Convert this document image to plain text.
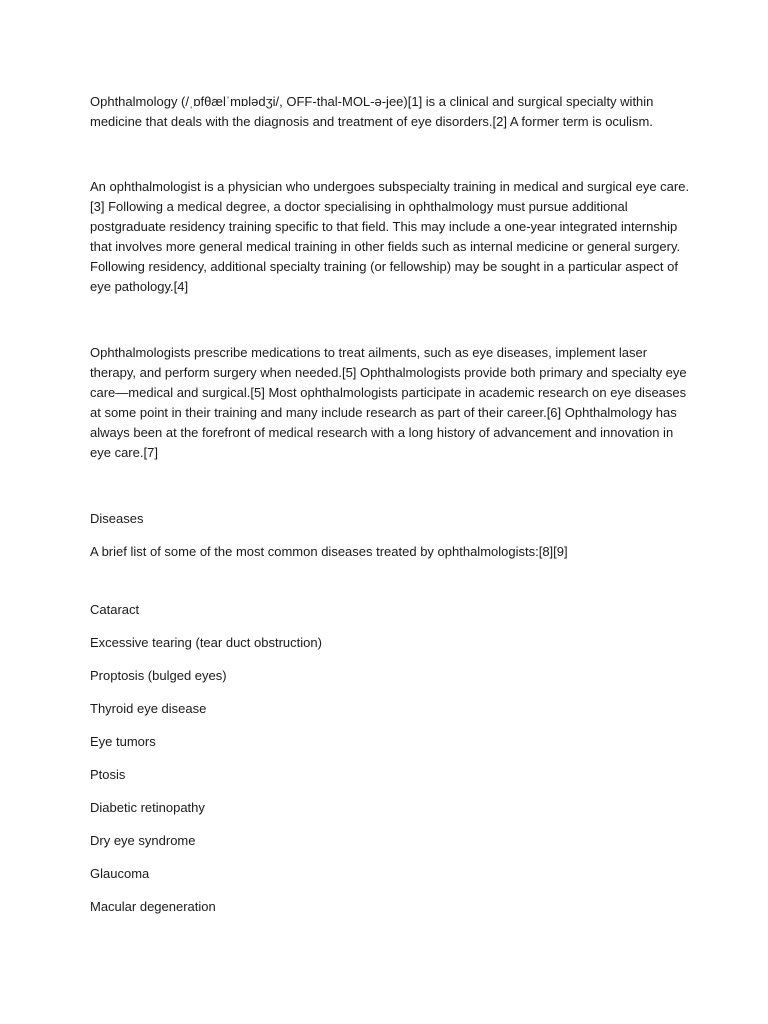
Ophthalmology (/ˌɒfθælˈmɒlədʒi/, OFF-thal-MOL-ə-jee)[1] is a clinical and surgical specialty within medicine that deals with the diagnosis and treatment of eye disorders.[2] A former term is oculism.

An ophthalmologist is a physician who undergoes subspecialty training in medical and surgical eye care.[3] Following a medical degree, a doctor specialising in ophthalmology must pursue additional postgraduate residency training specific to that field. This may include a one-year integrated internship that involves more general medical training in other fields such as internal medicine or general surgery. Following residency, additional specialty training (or fellowship) may be sought in a particular aspect of eye pathology.[4]

Ophthalmologists prescribe medications to treat ailments, such as eye diseases, implement laser therapy, and perform surgery when needed.[5] Ophthalmologists provide both primary and specialty eye care—medical and surgical.[5] Most ophthalmologists participate in academic research on eye diseases at some point in their training and many include research as part of their career.[6] Ophthalmology has always been at the forefront of medical research with a long history of advancement and innovation in eye care.[7]

Diseases

A brief list of some of the most common diseases treated by ophthalmologists:[8][9]

Cataract
Excessive tearing (tear duct obstruction)
Proptosis (bulged eyes)
Thyroid eye disease
Eye tumors
Ptosis
Diabetic retinopathy
Dry eye syndrome
Glaucoma
Macular degeneration
